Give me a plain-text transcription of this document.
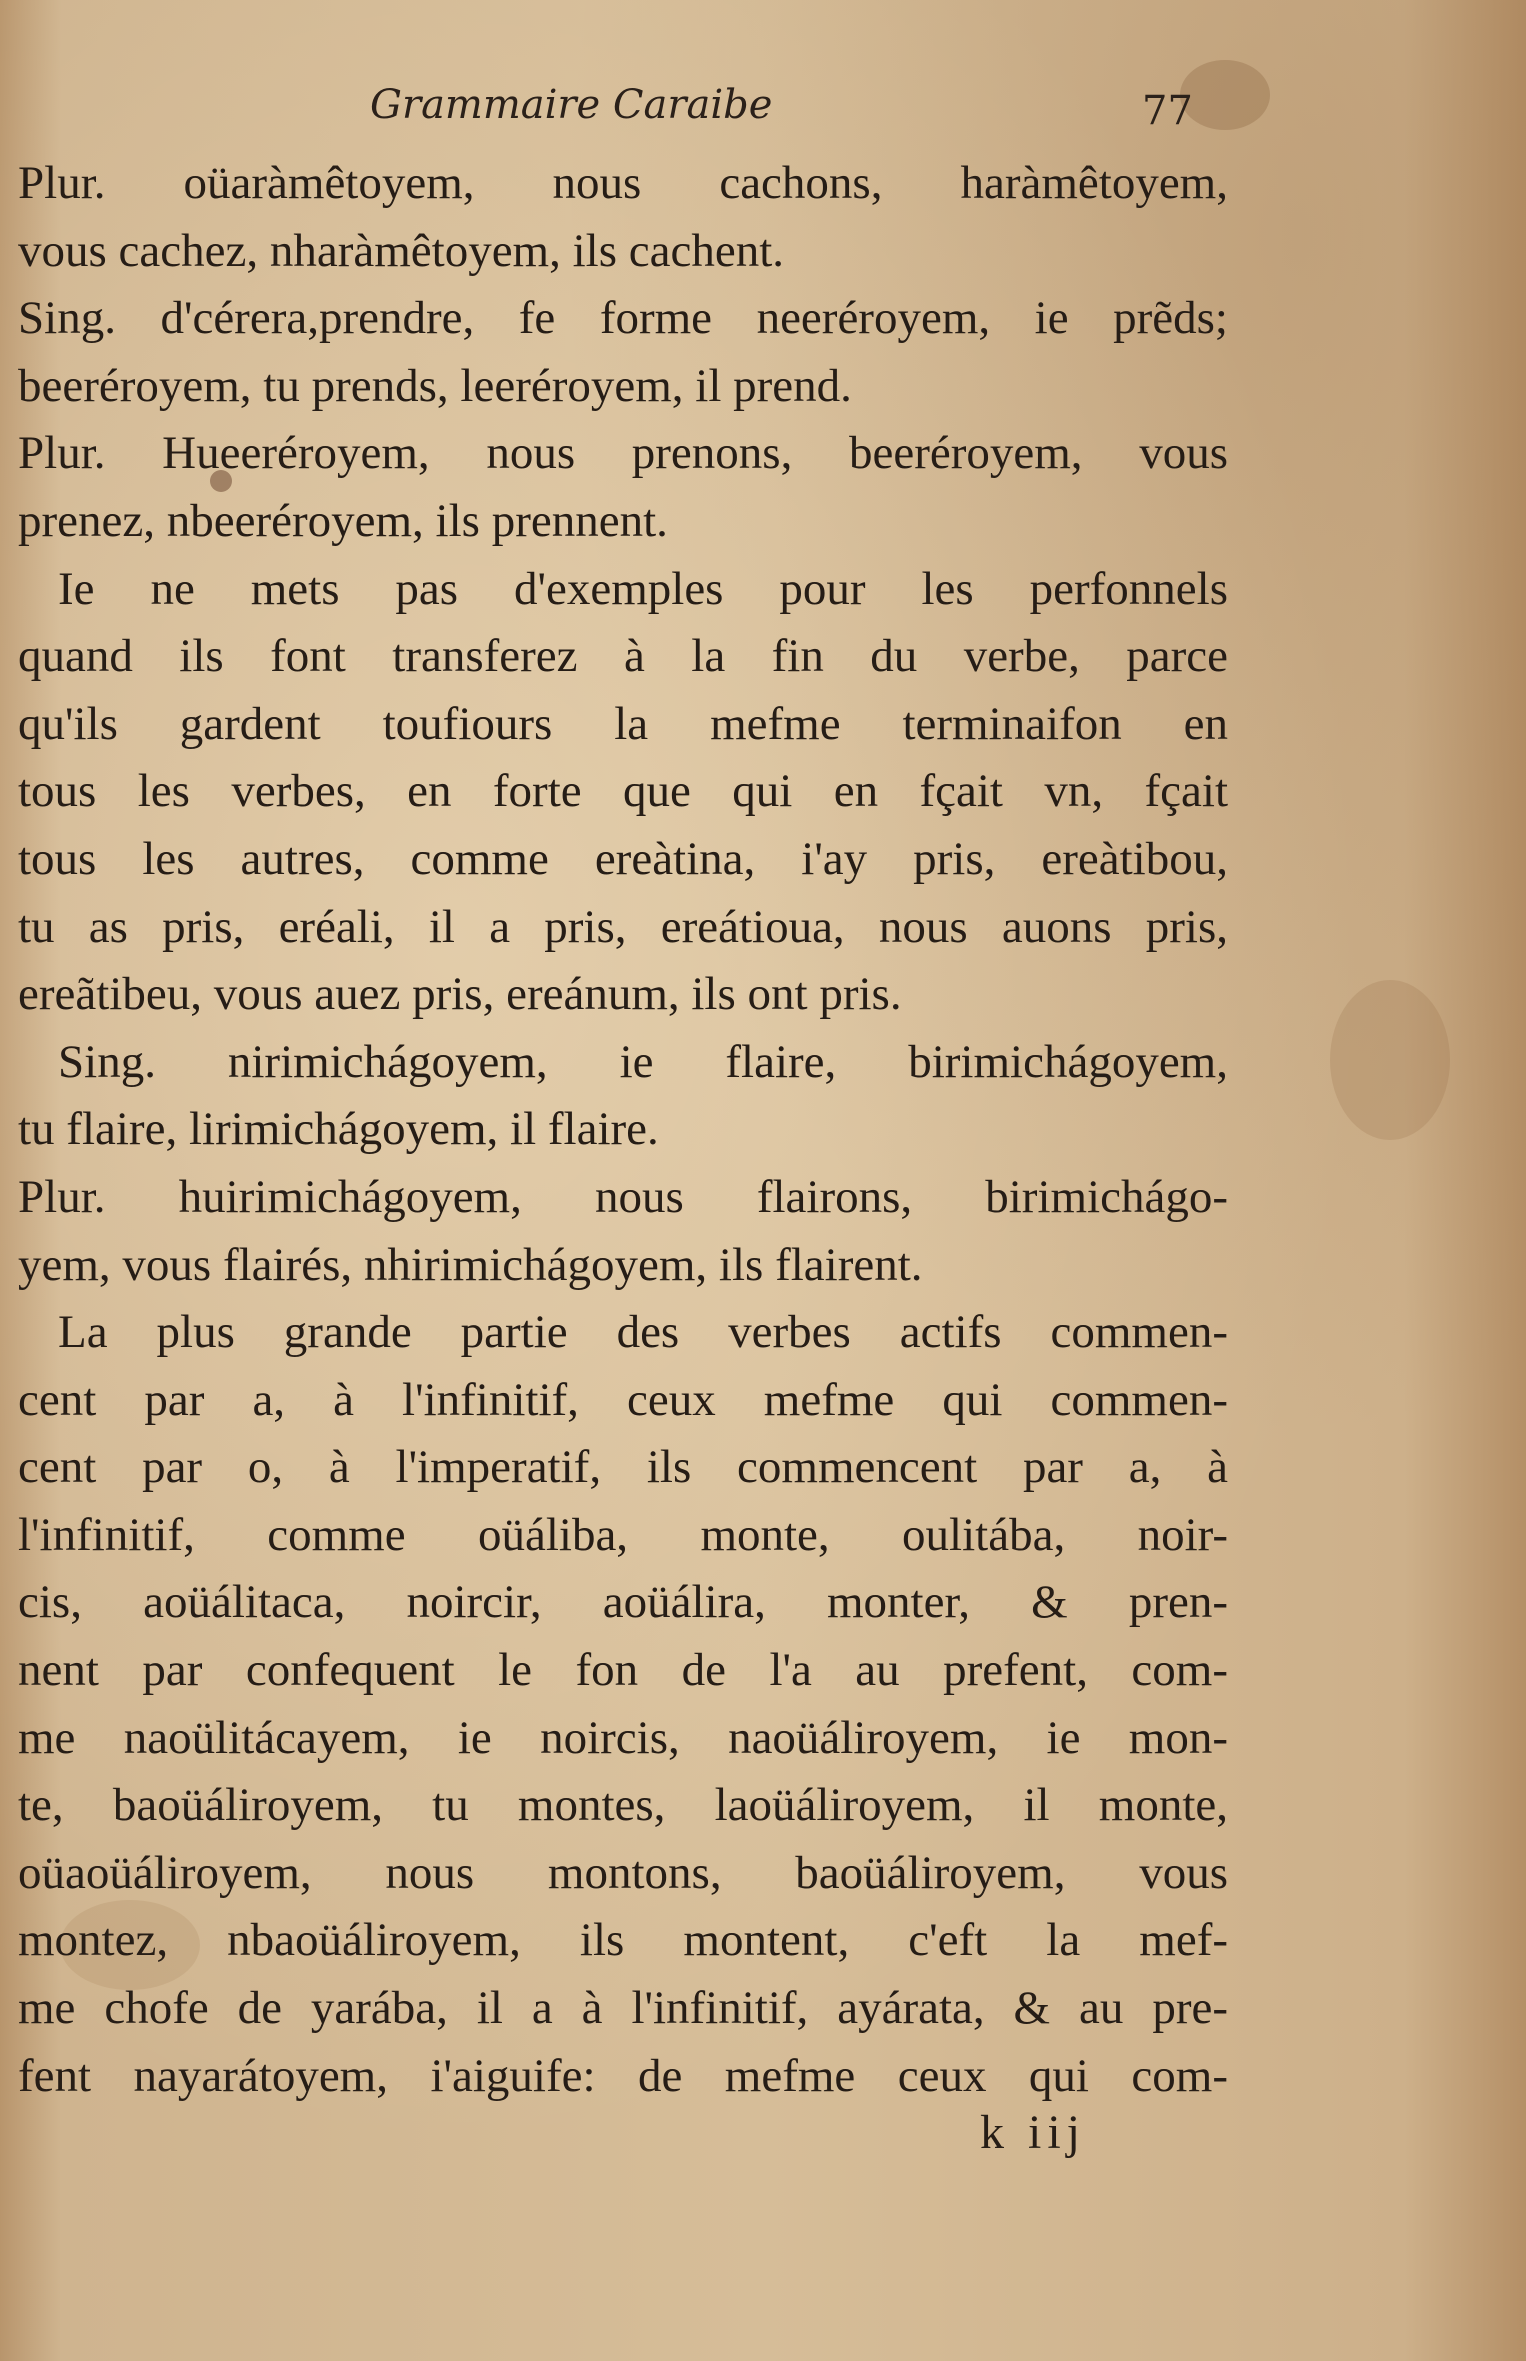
Grammaire Caraibe	77
Plur. oüaràmêtoyem, nous cachons, haràmêtoyem,
vous cachez, nharàmêtoyem, ils cachent.
Sing. d'cérera,prendre, fe forme neeréroyem, ie prẽds;
beeréroyem, tu prends, leeréroyem, il prend.
Plur. Hueeréroyem, nous prenons, beeréroyem, vous
prenez, nbeeréroyem, ils prennent.
Ie ne mets pas d'exemples pour les perfonnels
quand ils font transferez à la fin du verbe, parce
qu'ils gardent toufiours la mefme terminaifon en
tous les verbes, en forte que qui en fçait vn, fçait
tous les autres, comme ereàtina, i'ay pris, ereàtibou,
tu as pris, eréali, il a pris, ereátioua, nous auons pris,
ereãtibeu, vous auez pris, ereánum, ils ont pris.
Sing. nirimichágoyem, ie flaire, birimichágoyem,
tu flaire, lirimichágoyem, il flaire.
Plur. huirimichágoyem, nous flairons, birimichágo-
yem, vous flairés, nhirimichágoyem, ils flairent.
La plus grande partie des verbes actifs commen-
cent par a, à l'infinitif, ceux mefme qui commen-
cent par o, à l'imperatif, ils commencent par a, à
l'infinitif, comme oüáliba, monte, oulitába, noir-
cis, aoüálitaca, noircir, aoüálira, monter, & pren-
nent par confequent le fon de l'a au prefent, com-
me naoülitácayem, ie noircis, naoüáliroyem, ie mon-
te, baoüáliroyem, tu montes, laoüáliroyem, il monte,
oüaoüáliroyem, nous montons, baoüáliroyem, vous
montez, nbaoüáliroyem, ils montent, c'eft la mef-
me chofe de yarába, il a à l'infinitif, ayárata, & au pre-
fent nayarátoyem, i'aiguife: de mefme ceux qui com-
k iij
